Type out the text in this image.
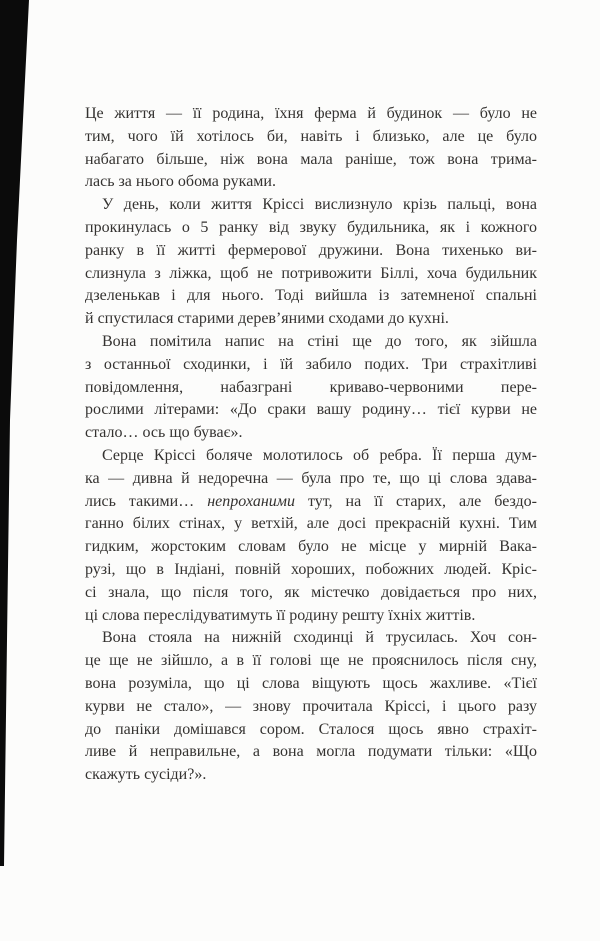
Це життя — її родина, їхня ферма й будинок — було не
тим, чого їй хотілось би, навіть і близько, але це було
набагато більше, ніж вона мала раніше, тож вона трима-
лась за нього обома руками.
У день, коли життя Кріссі вислизнуло крізь пальці, вона
прокинулась о 5 ранку від звуку будильника, як і кожного
ранку в її житті фермерової дружини. Вона тихенько ви-
слизнула з ліжка, щоб не потривожити Біллі, хоча будильник
дзеленькав і для нього. Тоді вийшла із затемненої спальні
й спустилася старими дерев’яними сходами до кухні.
Вона помітила напис на стіні ще до того, як зійшла
з останньої сходинки, і їй забило подих. Три страхітливі
повідомлення, набазграні криваво-червоними пере-
рослими літерами: «До сраки вашу родину… тієї курви не
стало… ось що буває».
Серце Кріссі боляче молотилось об ребра. Її перша дум-
ка — дивна й недоречна — була про те, що ці слова здава-
лись такими… непроханими тут, на її старих, але бездо-
ганно білих стінах, у ветхій, але досі прекрасній кухні. Тим
гидким, жорстоким словам було не місце у мирній Вака-
рузі, що в Індіані, повній хороших, побожних людей. Кріс-
сі знала, що після того, як містечко довідається про них,
ці слова переслідуватимуть її родину решту їхніх життів.
Вона стояла на нижній сходинці й трусилась. Хоч сон-
це ще не зійшло, а в її голові ще не прояснилось після сну,
вона розуміла, що ці слова віщують щось жахливе. «Тієї
курви не стало», — знову прочитала Кріссі, і цього разу
до паніки домішався сором. Сталося щось явно страхіт-
ливе й неправильне, а вона могла подумати тільки: «Що
скажуть сусіди?».
